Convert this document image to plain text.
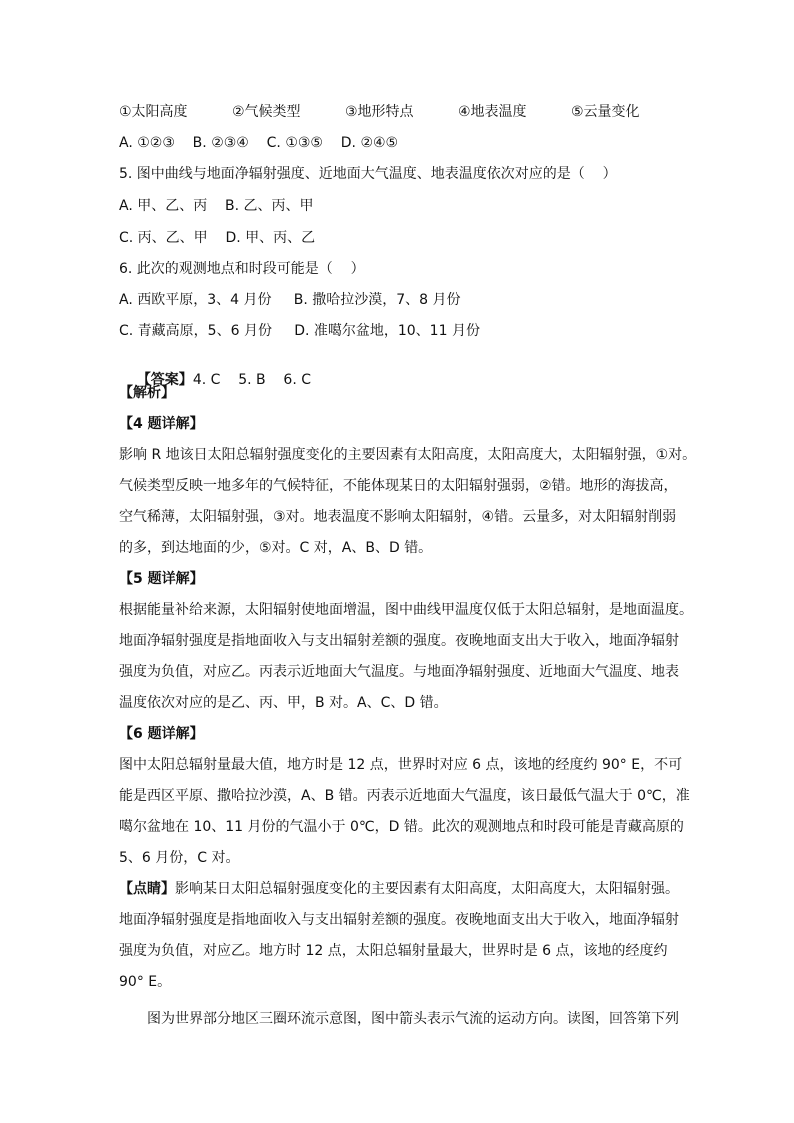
①太阳高度	②气候类型	③地形特点	④地表温度	⑤云量变化
A. ①②③    B. ②③④    C. ①③⑤    D. ②④⑤
5. 图中曲线与地面净辐射强度、近地面大气温度、地表温度依次对应的是（    ）
A. 甲、乙、丙    B. 乙、丙、甲
C. 丙、乙、甲    D. 甲、丙、乙
6. 此次的观测地点和时段可能是（    ）
A. 西欧平原，3、4 月份     B. 撒哈拉沙漠，7、8 月份
C. 青藏高原，5、6 月份     D. 准噶尔盆地，10、11 月份

【答案】4. C    5. B    6. C

【解析】
【4 题详解】
影响 R 地该日太阳总辐射强度变化的主要因素有太阳高度，太阳高度大，太阳辐射强，①对。
气候类型反映一地多年的气候特征，不能体现某日的太阳辐射强弱，②错。地形的海拔高，
空气稀薄，太阳辐射强，③对。地表温度不影响太阳辐射，④错。云量多，对太阳辐射削弱
的多，到达地面的少，⑤对。C 对，A、B、D 错。
【5 题详解】
根据能量补给来源，太阳辐射使地面增温，图中曲线甲温度仅低于太阳总辐射，是地面温度。
地面净辐射强度是指地面收入与支出辐射差额的强度。夜晚地面支出大于收入，地面净辐射
强度为负值，对应乙。丙表示近地面大气温度。与地面净辐射强度、近地面大气温度、地表
温度依次对应的是乙、丙、甲，B 对。A、C、D 错。
【6 题详解】
图中太阳总辐射量最大值，地方时是 12 点，世界时对应 6 点，该地的经度约 90° E，不可
能是西区平原、撒哈拉沙漠，A、B 错。丙表示近地面大气温度，该日最低气温大于 0℃，准
噶尔盆地在 10、11 月份的气温小于 0℃，D 错。此次的观测地点和时段可能是青藏高原的
5、6 月份，C 对。
【点睛】影响某日太阳总辐射强度变化的主要因素有太阳高度，太阳高度大，太阳辐射强。
地面净辐射强度是指地面收入与支出辐射差额的强度。夜晚地面支出大于收入，地面净辐射
强度为负值，对应乙。地方时 12 点，太阳总辐射量最大，世界时是 6 点，该地的经度约
90° E。
图为世界部分地区三圈环流示意图，图中箭头表示气流的运动方向。读图，回答第下列
